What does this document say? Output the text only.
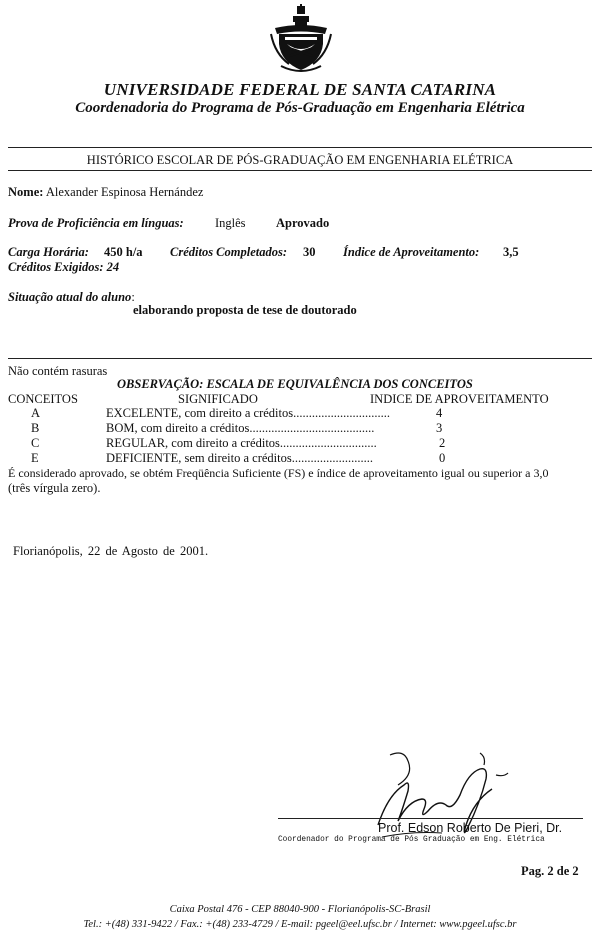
UNIVERSIDADE FEDERAL DE SANTA CATARINA
Coordenadoria do Programa de Pós-Graduação em Engenharia Elétrica
HISTÓRICO ESCOLAR DE PÓS-GRADUAÇÃO EM ENGENHARIA ELÉTRICA
Nome: Alexander Espinosa Hernández
Prova de Proficiência em línguas:	Inglês Aprovado
Carga Horária: 450 h/a Créditos Completados: 30 Índice de Aproveitamento: 3,5
Créditos Exigidos: 24
Situação atual do aluno:
elaborando proposta de tese de doutorado
Não contém rasuras
OBSERVAÇÃO: ESCALA DE EQUIVALÊNCIA DOS CONCEITOS
CONCEITOS	SIGNIFICADO	INDICE DE APROVEITAMENTO
A	EXCELENTE, com direito a créditos...............................	4
B	BOM, com direito a créditos........................................	3
C	REGULAR, com direito a créditos...............................	2
E	DEFICIENTE, sem direito a créditos..........................	0
É considerado aprovado, se obtém Freqüência Suficiente (FS) e índice de aproveitamento igual ou superior a 3,0
(três vírgula zero).
Florianópolis, 22 de Agosto de 2001.
Prof. Edson Roberto De Pieri, Dr.
Coordenador do Programa de Pós Graduação em Eng. Elétrica
Pag. 2 de 2
Caixa Postal 476 - CEP 88040-900 - Florianópolis-SC-Brasil
Tel.: +(48) 331-9422 / Fax.: +(48) 233-4729 / E-mail: pgeel@eel.ufsc.br / Internet: www.pgeel.ufsc.br
